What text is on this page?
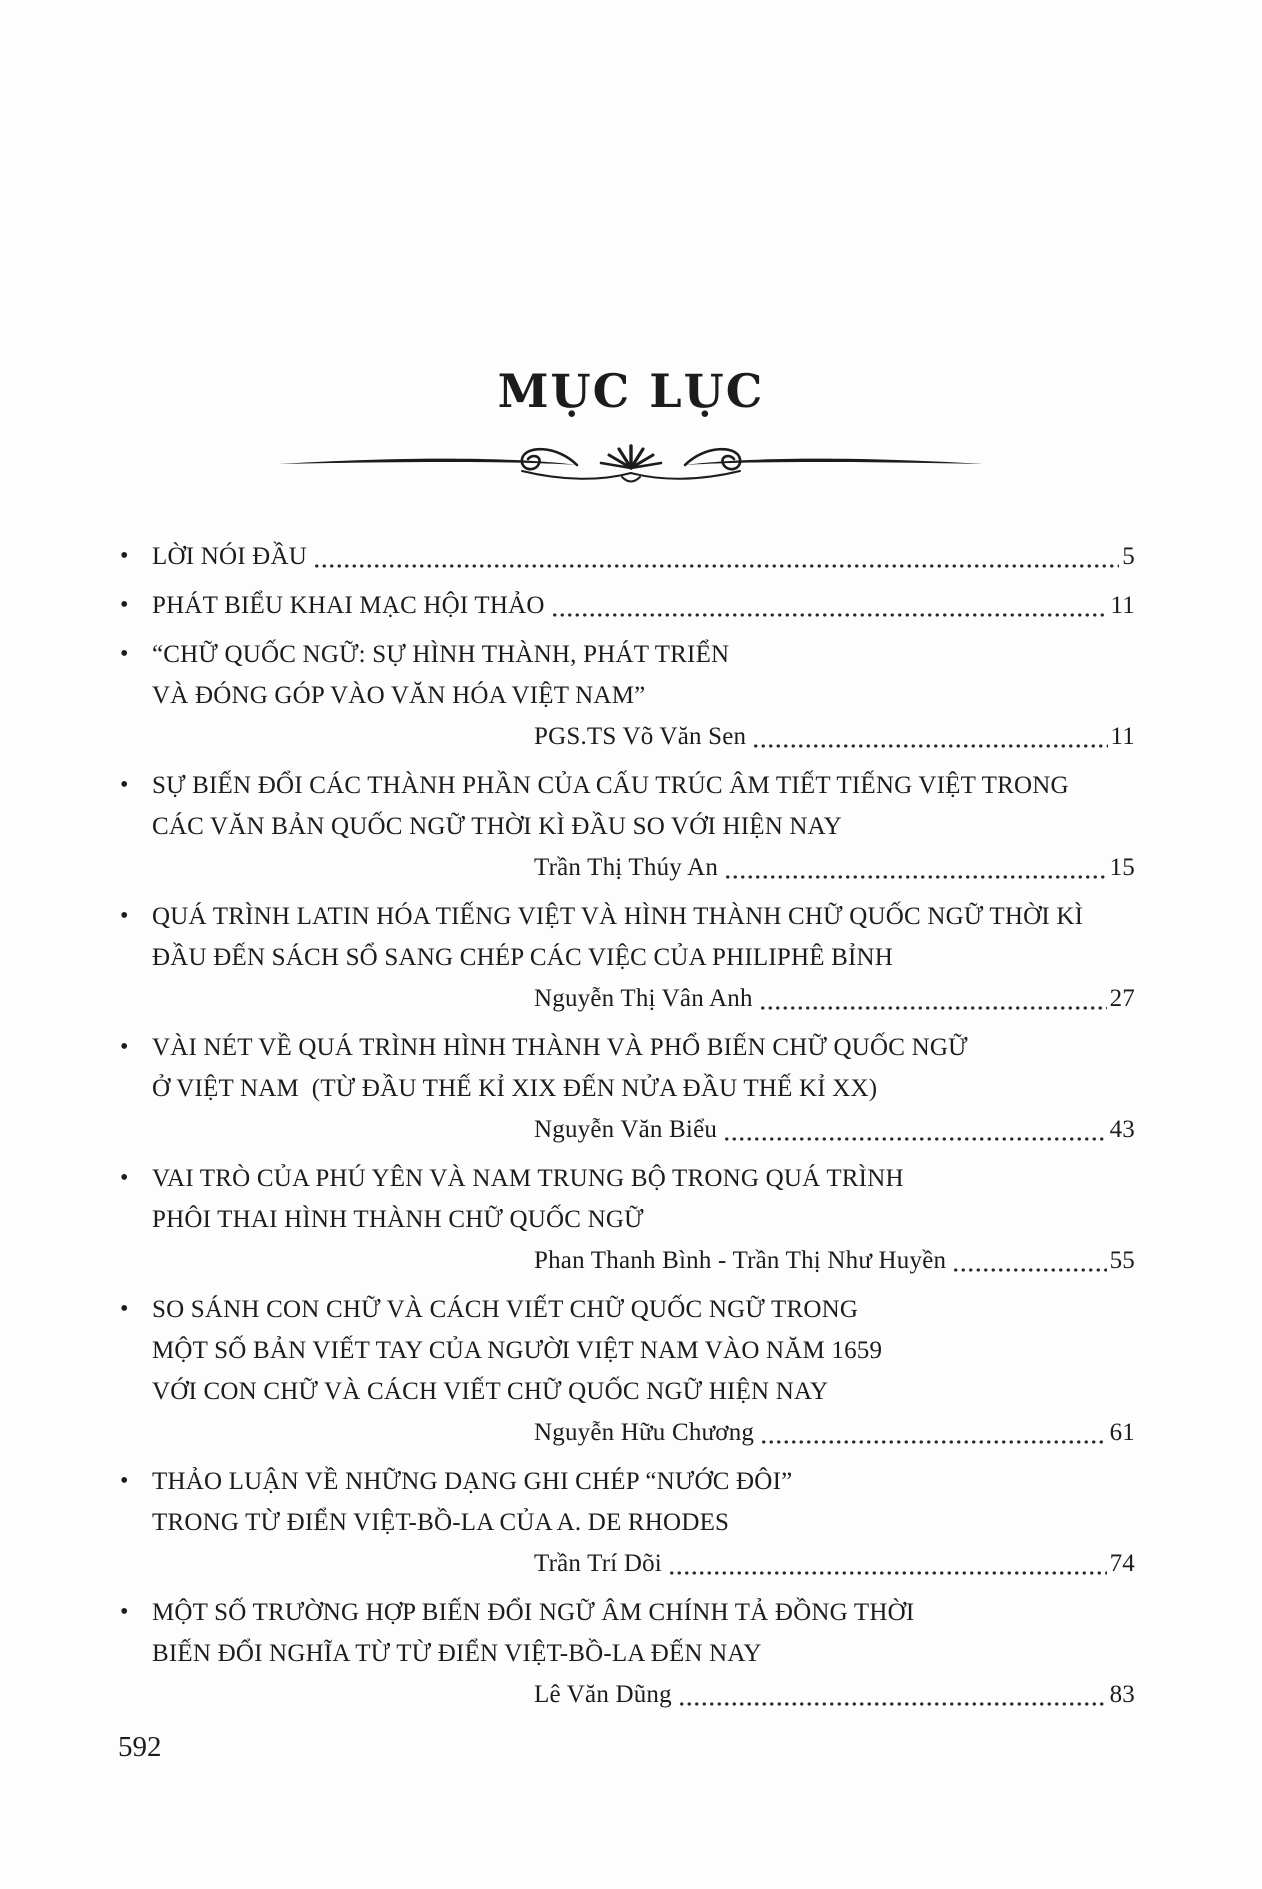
MỤC LỤC
• LỜI NÓI ĐẦU	5
• PHÁT BIỂU KHAI MẠC HỘI THẢO	11
• “CHỮ QUỐC NGỮ: SỰ HÌNH THÀNH, PHÁT TRIỂN
VÀ ĐÓNG GÓP VÀO VĂN HÓA VIỆT NAM”
PGS.TS Võ Văn Sen	11
• SỰ BIẾN ĐỔI CÁC THÀNH PHẦN CỦA CẤU TRÚC ÂM TIẾT TIẾNG VIỆT TRONG
CÁC VĂN BẢN QUỐC NGỮ THỜI KÌ ĐẦU SO VỚI HIỆN NAY
Trần Thị Thúy An	15
• QUÁ TRÌNH LATIN HÓA TIẾNG VIỆT VÀ HÌNH THÀNH CHỮ QUỐC NGỮ THỜI KÌ
ĐẦU ĐẾN SÁCH SỔ SANG CHÉP CÁC VIỆC CỦA PHILIPHÊ BỈNH
Nguyễn Thị Vân Anh	27
• VÀI NÉT VỀ QUÁ TRÌNH HÌNH THÀNH VÀ PHỔ BIẾN CHỮ QUỐC NGỮ
Ở VIỆT NAM  (TỪ ĐẦU THẾ KỈ XIX ĐẾN NỬA ĐẦU THẾ KỈ XX)
Nguyễn Văn Biểu	43
• VAI TRÒ CỦA PHÚ YÊN VÀ NAM TRUNG BỘ TRONG QUÁ TRÌNH
PHÔI THAI HÌNH THÀNH CHỮ QUỐC NGỮ
Phan Thanh Bình - Trần Thị Như Huyền	55
• SO SÁNH CON CHỮ VÀ CÁCH VIẾT CHỮ QUỐC NGỮ TRONG
MỘT SỐ BẢN VIẾT TAY CỦA NGƯỜI VIỆT NAM VÀO NĂM 1659
VỚI CON CHỮ VÀ CÁCH VIẾT CHỮ QUỐC NGỮ HIỆN NAY
Nguyễn Hữu Chương	61
• THẢO LUẬN VỀ NHỮNG DẠNG GHI CHÉP “NƯỚC ĐÔI”
TRONG TỪ ĐIỂN VIỆT-BỒ-LA CỦA A. DE RHODES
Trần Trí Dõi	74
• MỘT SỐ TRƯỜNG HỢP BIẾN ĐỔI NGỮ ÂM CHÍNH TẢ ĐỒNG THỜI
BIẾN ĐỔI NGHĨA TỪ TỪ ĐIỂN VIỆT-BỒ-LA ĐẾN NAY
Lê Văn Dũng	83
592
